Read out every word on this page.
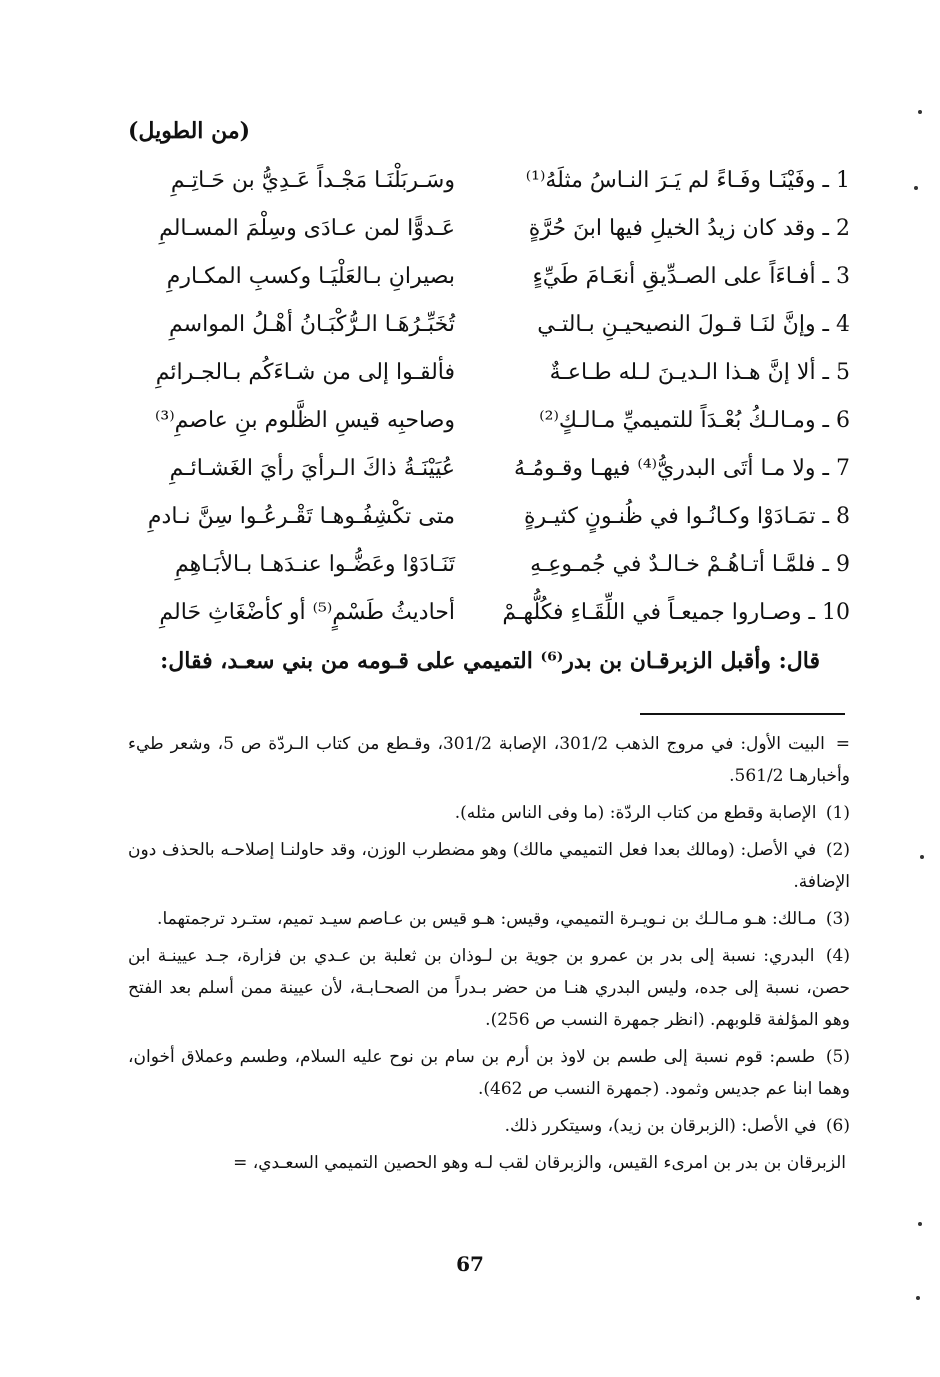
(من الطويل)
1 ـ وفَيْنَـا وفَـاءً لم يَـرَ النـاسُ مثلَهُ⁽¹⁾
وسَـربَلْنَـا مَجْـداً عَـدِيُّ بن حَـاتِـمِ
2 ـ وقد كان زيدُ الخيلِ فيها ابنَ حُرَّةٍ
عَـدوًّا لمن عـادَى وسِلْمَ المسـالمِ
3 ـ أفـاءَاً على الصـدِّيقِ أنعَـامَ طَيِّءٍ
بصيرانِ بـالعَلْيَـا وكسبِ المكـارمِ
4 ـ وإنَّ لنَـا قـولَ النصيحيـنِ بـالتـي
تُخَبِّـرُهَـا الـرُّكْبَـانُ أهْـلُ المواسمِ
5 ـ ألا إنَّ هـذا الـديـنَ لـله طـاعـةٌ
فألقـوا إلى من شـاءَكُم بـالجـرائمِ
6 ـ ومـالـكُ بُعْـدَاً للتميميِّ مـالـكٍ⁽²⁾
وصاحبِه قيسِ الظَّلوم بنِ عاصمِ⁽³⁾
7 ـ ولا مـا أتَى البدريُّ⁽⁴⁾ فيهـا وقـومُـهُ
عُيَيْنَـةُ ذاكَ الـرأيَ رأيَ الغَشـائـمِ
8 ـ تمَـادَوْا وكـانُـوا في ظُنـونٍ كثيـرةٍ
متى تكْشِفُـوهـا تَقْـرعُـوا سِنَّ نـادمِ
9 ـ فلمَّـا أتـاهُـمْ خـالـدٌ في جُمـوعِـهِ
تَنَـادَوْا وعَضُّـوا عنـدَهـا بـالأبَـاهِمِ
10 ـ وصـاروا جميعـاً في اللِّقَـاءِ فكُلُّهـمْ
أحاديثُ طَسْمٍ⁽⁵⁾ أو كأضْغَاثِ حَالمِ
قال: وأقبل الزبرقـان بن بدر⁽⁶⁾ التميمي على قـومه من بني سعـد، فقال:

= البيت الأول: في مروج الذهب 301/2، الإصابة 301/2، وقـطع من كتاب الـردّة ص 5، وشعر طيء وأخبارهـا 561/2.

(1) الإصابة وقطع من كتاب الردّة: (ما وفى الناس مثله).

(2) في الأصل: (ومالك بعدا فعل التميمي مالك) وهو مضطرب الوزن، وقد حاولنـا إصلاحـه بالحذف دون الإضافة.

(3) مـالك: هـو مـالـك بن نـويـرة التميمي، وقيس: هـو قيس بن عـاصم سيـد تميم، ستـرد ترجمتهما.

(4) البدري: نسبة إلى بدر بن عمرو بن جوية بن لـوذان بن ثعلبة بن عـدي بن فزارة، جـد عيينـة ابن حصن، نسبة إلى جده، وليس البدري هنـا من حضر بـدراً من الصحـابـة، لأن عيينة ممن أسلم بعد الفتح وهو المؤلفة قلوبهم. (انظر جمهرة النسب ص 256).

(5) طسم: قوم نسبة إلى طسم بن لاوذ بن أرم بن سام بن نوح عليه السلام، وطسم وعملاق أخوان، وهما ابنا عم جديس وثمود. (جمهرة النسب ص 462).

(6) في الأصل: (الزبرقان بن زيد)، وسيتكرر ذلك.

الزبرقان بن بدر بن امرىء القيس، والزبرقان لقب لـه وهو الحصين التميمي السعـدي، =

67
